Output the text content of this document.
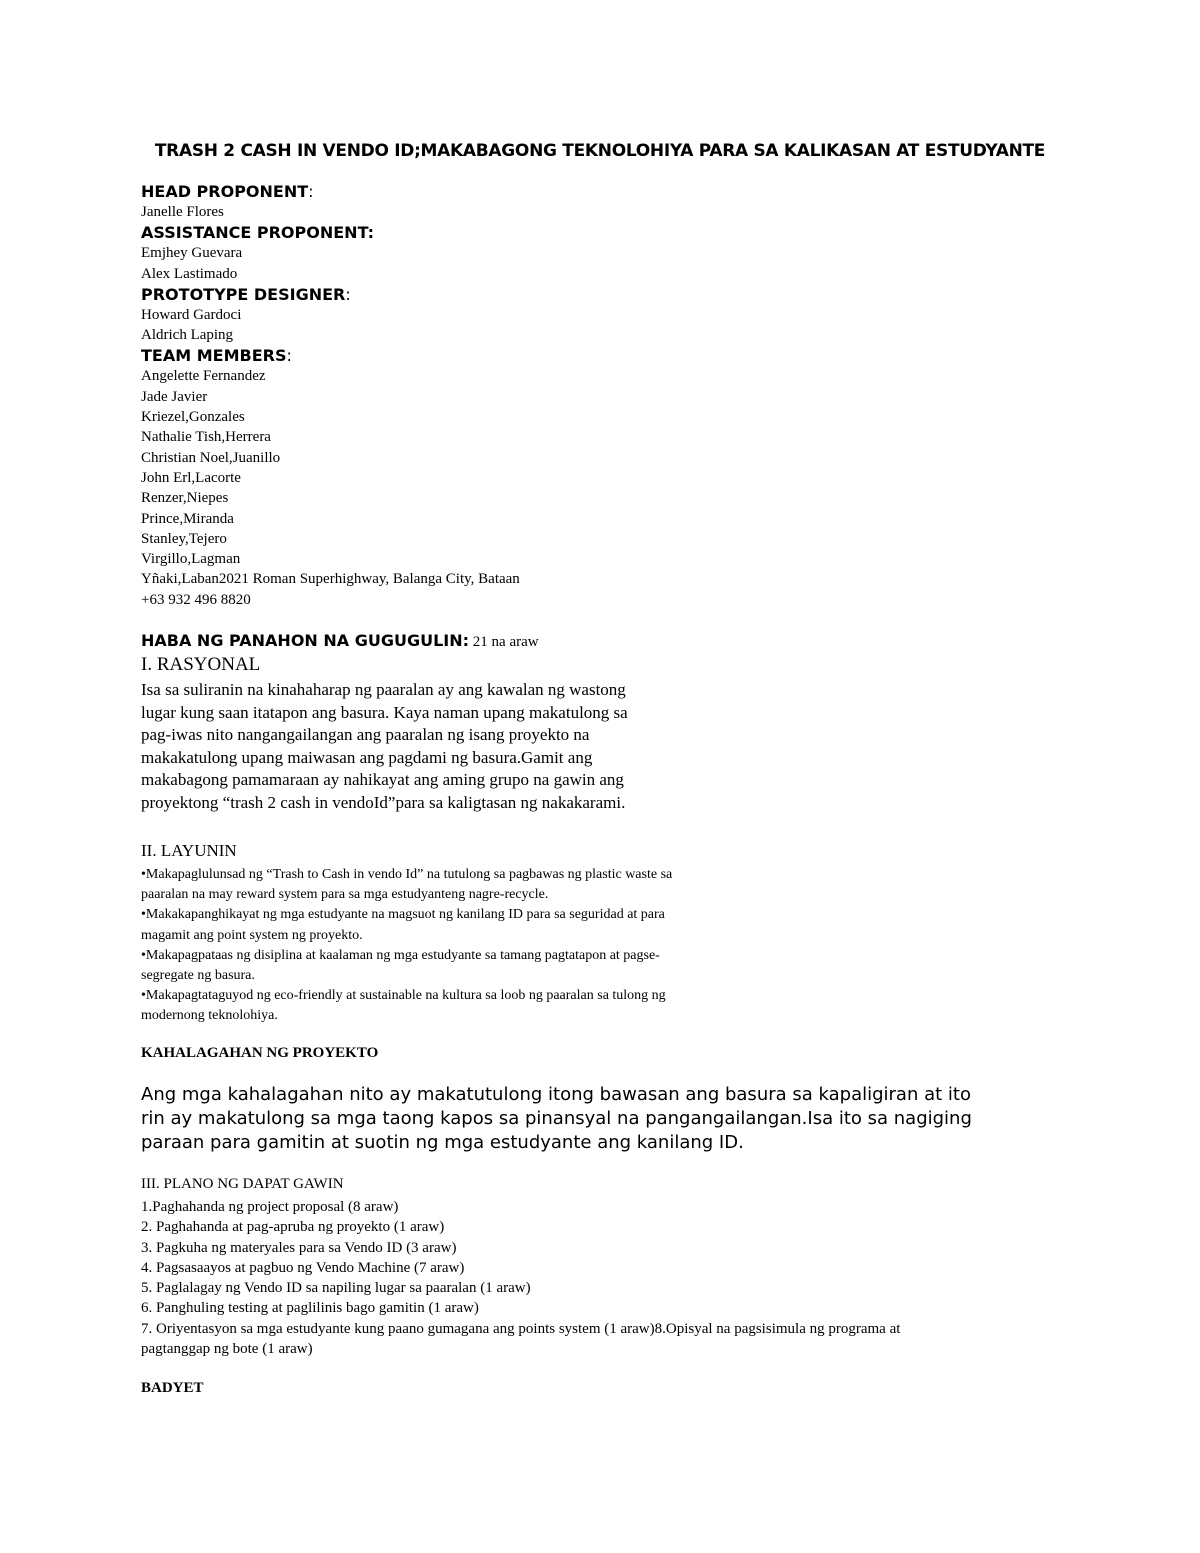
TRASH 2 CASH IN VENDO ID;MAKABAGONG TEKNOLOHIYA PARA SA KALIKASAN AT ESTUDYANTE

HEAD PROPONENT:

Janelle Flores

ASSISTANCE PROPONENT:

Emjhey Guevara

Alex Lastimado

PROTOTYPE DESIGNER:

Howard Gardoci

Aldrich Laping

TEAM MEMBERS:

Angelette Fernandez

Jade Javier

Kriezel,Gonzales

Nathalie Tish,Herrera

Christian Noel,Juanillo

John Erl,Lacorte

Renzer,Niepes

Prince,Miranda

Stanley,Tejero

Virgillo,Lagman

Yñaki,Laban2021 Roman Superhighway, Balanga City, Bataan

+63 932 496 8820

HABA NG PANAHON NA GUGUGULIN: 21 na araw
I. RASYONAL
Isa sa suliranin na kinahaharap ng paaralan ay ang kawalan ng wastong
lugar kung saan itatapon ang basura. Kaya naman upang makatulong sa
pag-iwas nito nangangailangan ang paaralan ng isang proyekto na
makakatulong upang maiwasan ang pagdami ng basura.Gamit ang
makabagong pamamaraan ay nahikayat ang aming grupo na gawin ang
proyektong “trash 2 cash in vendoId”para sa kaligtasan ng nakakarami.
II. LAYUNIN
•Makapaglulunsad ng “Trash to Cash in vendo Id” na tutulong sa pagbawas ng plastic waste sa
paaralan na may reward system para sa mga estudyanteng nagre-recycle.
•Makakapanghikayat ng mga estudyante na magsuot ng kanilang ID para sa seguridad at para
magamit ang point system ng proyekto.
•Makapagpataas ng disiplina at kaalaman ng mga estudyante sa tamang pagtatapon at pagse-
segregate ng basura.
•Makapagtataguyod ng eco-friendly at sustainable na kultura sa loob ng paaralan sa tulong ng
modernong teknolohiya.
KAHALAGAHAN NG PROYEKTO
Ang mga kahalagahan nito ay makatutulong itong bawasan ang basura sa kapaligiran at ito
rin ay makatulong sa mga taong kapos sa pinansyal na pangangailangan.Isa ito sa nagiging
paraan para gamitin at suotin ng mga estudyante ang kanilang ID.
III. PLANO NG DAPAT GAWIN
1.Paghahanda ng project proposal (8 araw)
2. Paghahanda at pag-apruba ng proyekto (1 araw)
3. Pagkuha ng materyales para sa Vendo ID (3 araw)
4. Pagsasaayos at pagbuo ng Vendo Machine (7 araw)
5. Paglalagay ng Vendo ID sa napiling lugar sa paaralan (1 araw)
6. Panghuling testing at paglilinis bago gamitin (1 araw)
7. Oriyentasyon sa mga estudyante kung paano gumagana ang points system (1 araw)8.Opisyal na pagsisimula ng programa at
pagtanggap ng bote (1 araw)
BADYET
